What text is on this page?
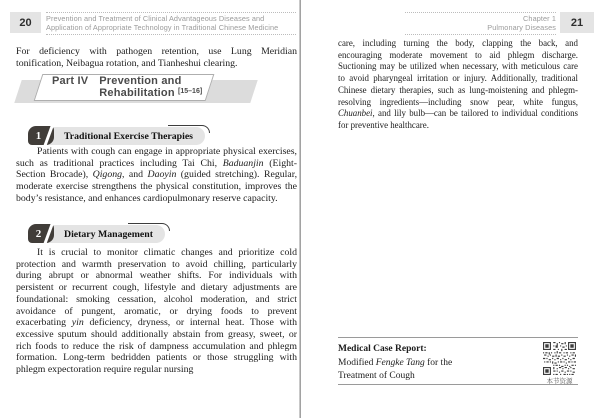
20	Prevention and Treatment of Clinical Advantageous Diseases and
Application of Appropriate Technology in Traditional Chinese Medicine

For deficiency with pathogen retention, use Lung Meridian tonification, Neibagua rotation, and Tianheshui clearing.

Part IV Prevention and
Rehabilitation [15–16]
Traditional Exercise Therapies
1

Patients with cough can engage in appropriate physical exercises, such as traditional practices including Tai Chi, Baduanjin (Eight-Section Brocade), Qigong, and Daoyin (guided stretching). Regular, moderate exercise strengthens the physical constitution, improves the body’s resistance, and enhances cardiopulmonary reserve capacity.

Dietary Management
2

It is crucial to monitor climatic changes and prioritize cold protection and warmth preservation to avoid chilling, particularly during abrupt or abnormal weather shifts. For individuals with persistent or recurrent cough, lifestyle and dietary adjustments are foundational: smoking cessation, alcohol moderation, and strict avoidance of pungent, aromatic, or drying foods to prevent exacerbating yin deficiency, dryness, or internal heat. Those with excessive sputum should additionally abstain from greasy, sweet, or rich foods to reduce the risk of dampness accumulation and phlegm formation. Long-term bedridden patients or those struggling with phlegm expectoration require regular nursing

Chapter 1
Pulmonary Diseases	21

care, including turning the body, clapping the back, and encouraging moderate movement to aid phlegm discharge. Suctioning may be utilized when necessary, with meticulous care to avoid pharyngeal irritation or injury. Additionally, traditional Chinese dietary therapies, such as lung-moistening and phlegm-resolving ingredients—including snow pear, white fungus, Chuanbei, and lily bulb—can be tailored to individual conditions for preventive healthcare.

Medical Case Report:
Modified Fengke Tang for the
Treatment of Cough
本节资源
